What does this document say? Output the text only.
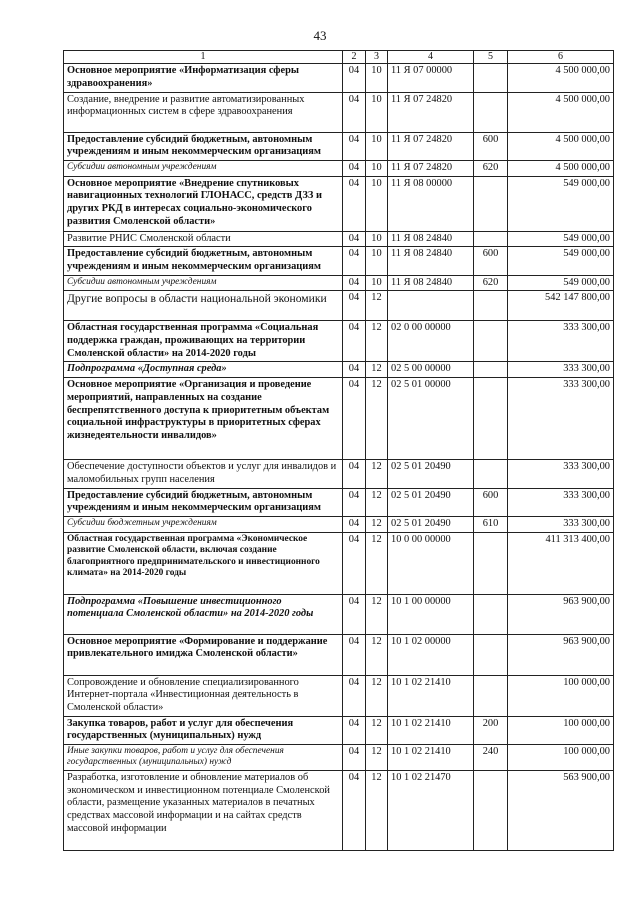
43
1	2	3	4	5	6
Основное мероприятие «Информатизация сферы здравоохранения»	04	10	11 Я 07 00000		4 500 000,00
Создание, внедрение и развитие автоматизированных информационных систем в сфере здравоохранения	04	10	11 Я 07 24820		4 500 000,00
Предоставление субсидий бюджетным, автономным учреждениям и иным некоммерческим организациям	04	10	11 Я 07 24820	600	4 500 000,00
Субсидии автономным учреждениям	04	10	11 Я 07 24820	620	4 500 000,00
Основное мероприятие «Внедрение спутниковых навигационных технологий ГЛОНАСС, средств ДЗЗ и других РКД в интересах социально-экономического развития Смоленской области»	04	10	11 Я 08 00000		549 000,00
Развитие РНИС Смоленской области	04	10	11 Я 08 24840		549 000,00
Предоставление субсидий бюджетным, автономным учреждениям и иным некоммерческим организациям	04	10	11 Я 08 24840	600	549 000,00
Субсидии автономным учреждениям	04	10	11 Я 08 24840	620	549 000,00
Другие вопросы в области национальной экономики	04	12			542 147 800,00
Областная государственная программа «Социальная поддержка граждан, проживающих на территории Смоленской области» на 2014-2020 годы	04	12	02 0 00 00000		333 300,00
Подпрограмма «Доступная среда»	04	12	02 5 00 00000		333 300,00
Основное мероприятие «Организация и проведение мероприятий, направленных на создание беспрепятственного доступа к приоритетным объектам социальной инфраструктуры в приоритетных сферах жизнедеятельности инвалидов»	04	12	02 5 01 00000		333 300,00
Обеспечение доступности объектов и услуг для инвалидов и маломобильных групп населения	04	12	02 5 01 20490		333 300,00
Предоставление субсидий бюджетным, автономным учреждениям и иным некоммерческим организациям	04	12	02 5 01 20490	600	333 300,00
Субсидии бюджетным учреждениям	04	12	02 5 01 20490	610	333 300,00
Областная государственная программа «Экономическое развитие Смоленской области, включая создание благоприятного предпринимательского и инвестиционного климата» на 2014-2020 годы	04	12	10 0 00 00000		411 313 400,00
Подпрограмма «Повышение инвестиционного потенциала Смоленской области» на 2014-2020 годы	04	12	10 1 00 00000		963 900,00
Основное мероприятие «Формирование и поддержание привлекательного имиджа Смоленской области»	04	12	10 1 02 00000		963 900,00
Сопровождение и обновление специализированного Интернет-портала «Инвестиционная деятельность в Смоленской области»	04	12	10 1 02 21410		100 000,00
Закупка товаров, работ и услуг для обеспечения государственных (муниципальных) нужд	04	12	10 1 02 21410	200	100 000,00
Иные закупки товаров, работ и услуг для обеспечения государственных (муниципальных) нужд	04	12	10 1 02 21410	240	100 000,00
Разработка, изготовление и обновление материалов об экономическом и инвестиционном потенциале Смоленской области, размещение указанных материалов в печатных средствах массовой информации и на сайтах средств массовой информации	04	12	10 1 02 21470		563 900,00
